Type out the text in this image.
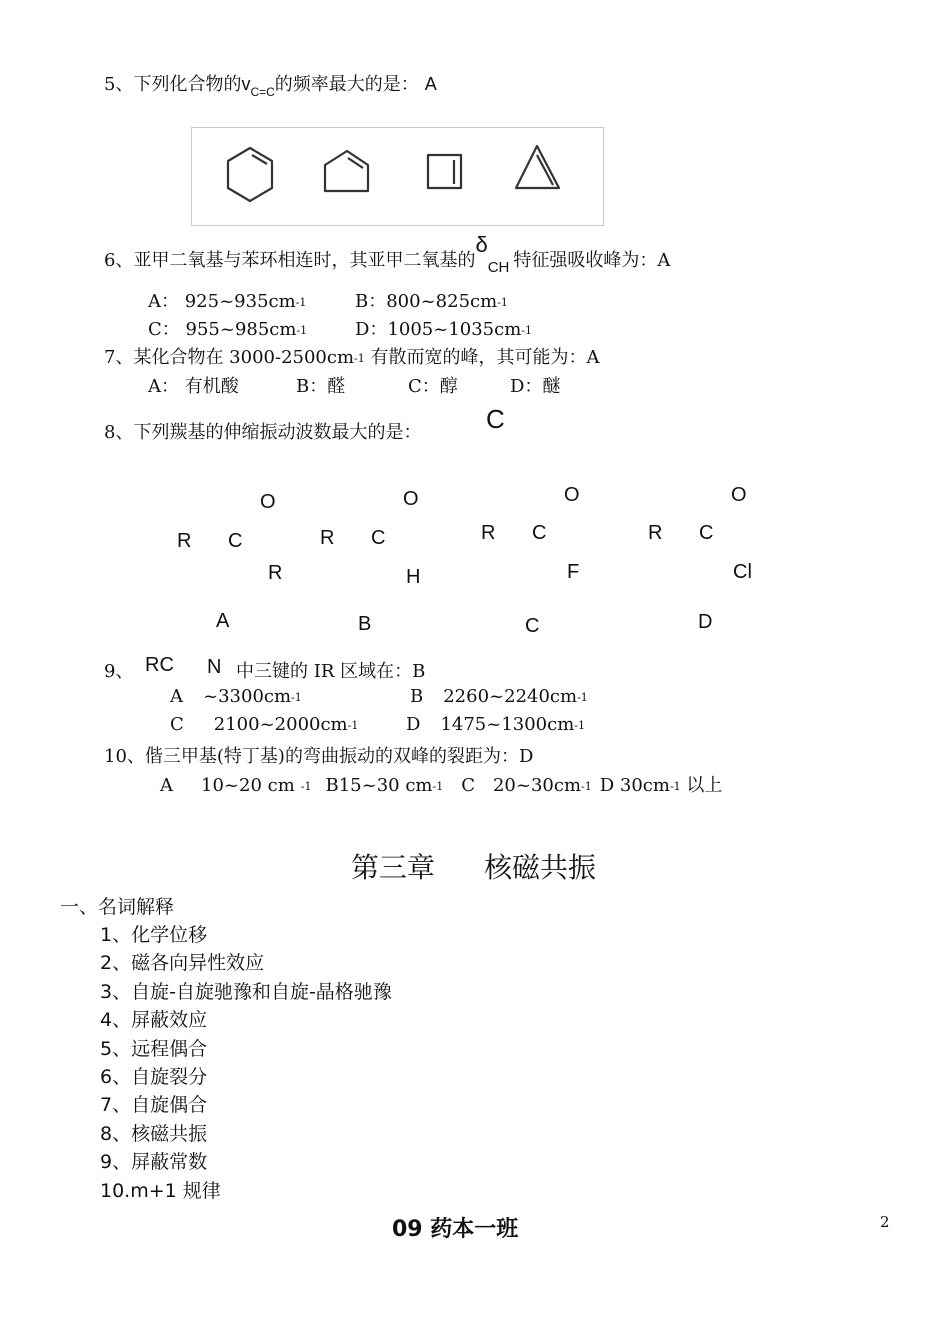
5、下列化合物的$v_{C=C}$的频率最大的是： A
6、亚甲二氧基与苯环相连时，其亚甲二氧基的$\delta_{CH}$ 特征强吸收峰为：A
A： 925~935cm-1	B：800~825cm-1
C： 955~985cm-1	D：1005~1035cm-1
7、某化合物在 3000-2500cm-1 有散而宽的峰，其可能为：A
A： 有机酸	B：醛	C：醇	D：醚
8、下列羰基的伸缩振动波数最大的是： C
O
R C
R
A
O
R C
H
B
O
R C
F
C
O
R C
Cl
D
9、 RC N 中三键的 IR 区域在：B
A ~3300cm-1	B 2260~2240cm-1
C 2100~2000cm-1	D 1475~1300cm-1
10、偕三甲基(特丁基)的弯曲振动的双峰的裂距为：D
A 10~20 cm -1 B15~30 cm-1 C 20~30cm-1 D 30cm-1 以上
第三章 核磁共振
一、名词解释
1、化学位移
2、磁各向异性效应
3、自旋-自旋驰豫和自旋-晶格驰豫
4、屏蔽效应
5、远程偶合
6、自旋裂分
7、自旋偶合
8、核磁共振
9、屏蔽常数
10.m+1 规律
09 药本一班	2
